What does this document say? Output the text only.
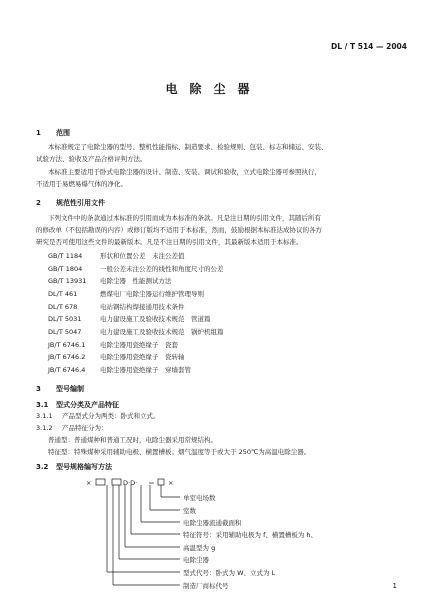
DL / T 514 — 2004
电除尘器
1 范围
本标准规定了电除尘器的型号、整机性能指标、制造要求、检验规则、包装、标志和储运、安装、
试验方法、验收及产品合格评判方法。
本标准主要适用于卧式电除尘器的设计、制造、安装、调试和验收，立式电除尘器可参照执行，
不适用于易燃易爆气体的净化。
2 规范性引用文件
下列文件中的条款通过本标准的引用而成为本标准的条款。凡是注日期的引用文件，其随后所有
的修改单（不包括勘误的内容）或修订版均不适用于本标准，然而，鼓励根据本标准达成协议的各方
研究是否可使用这些文件的最新版本。凡是不注日期的引用文件，其最新版本适用于本标准。
GB/T 1184	形状和位置公差　未注公差值
GB/T 1804	一般公差未注公差的线性和角度尺寸的公差
GB/T 13931 电除尘器　性能测试方法
DL/T 461	燃煤电厂电除尘器运行维护管理导则
DL/T 678	电站钢结构焊接通用技术条件
DL/T 5031	电力建设施工及验收技术规范　管道篇
DL/T 5047	电力建设施工及验收技术规范　锅炉机组篇
JB/T 6746.1 电除尘器用瓷绝缘子　瓷套
JB/T 6746.2 电除尘器用瓷绝缘子　瓷转轴
JB/T 6746.4 电除尘器用瓷绝缘子　穿墙套管
3 型号编制
3.1 型式分类及产品特征
3.1.1 产品型式分为两类：卧式和立式。
3.1.2 产品特征分为：
普通型：普通煤种和普通工况时，电除尘器采用常规结构。
特征型：特殊煤种采用辅助电极、横置槽板；烟气温度等于或大于 250℃为高温电除尘器。
3.2 型号规格编写方法
×	D·D·	×
单室电场数
室数
电除尘器流通截面积
特征符号：采用辅助电极为 f、横置槽板为 h、
高温型为 g
电除尘器
型式代号：卧式为 W、立式为 L
制造厂商标代号	1
